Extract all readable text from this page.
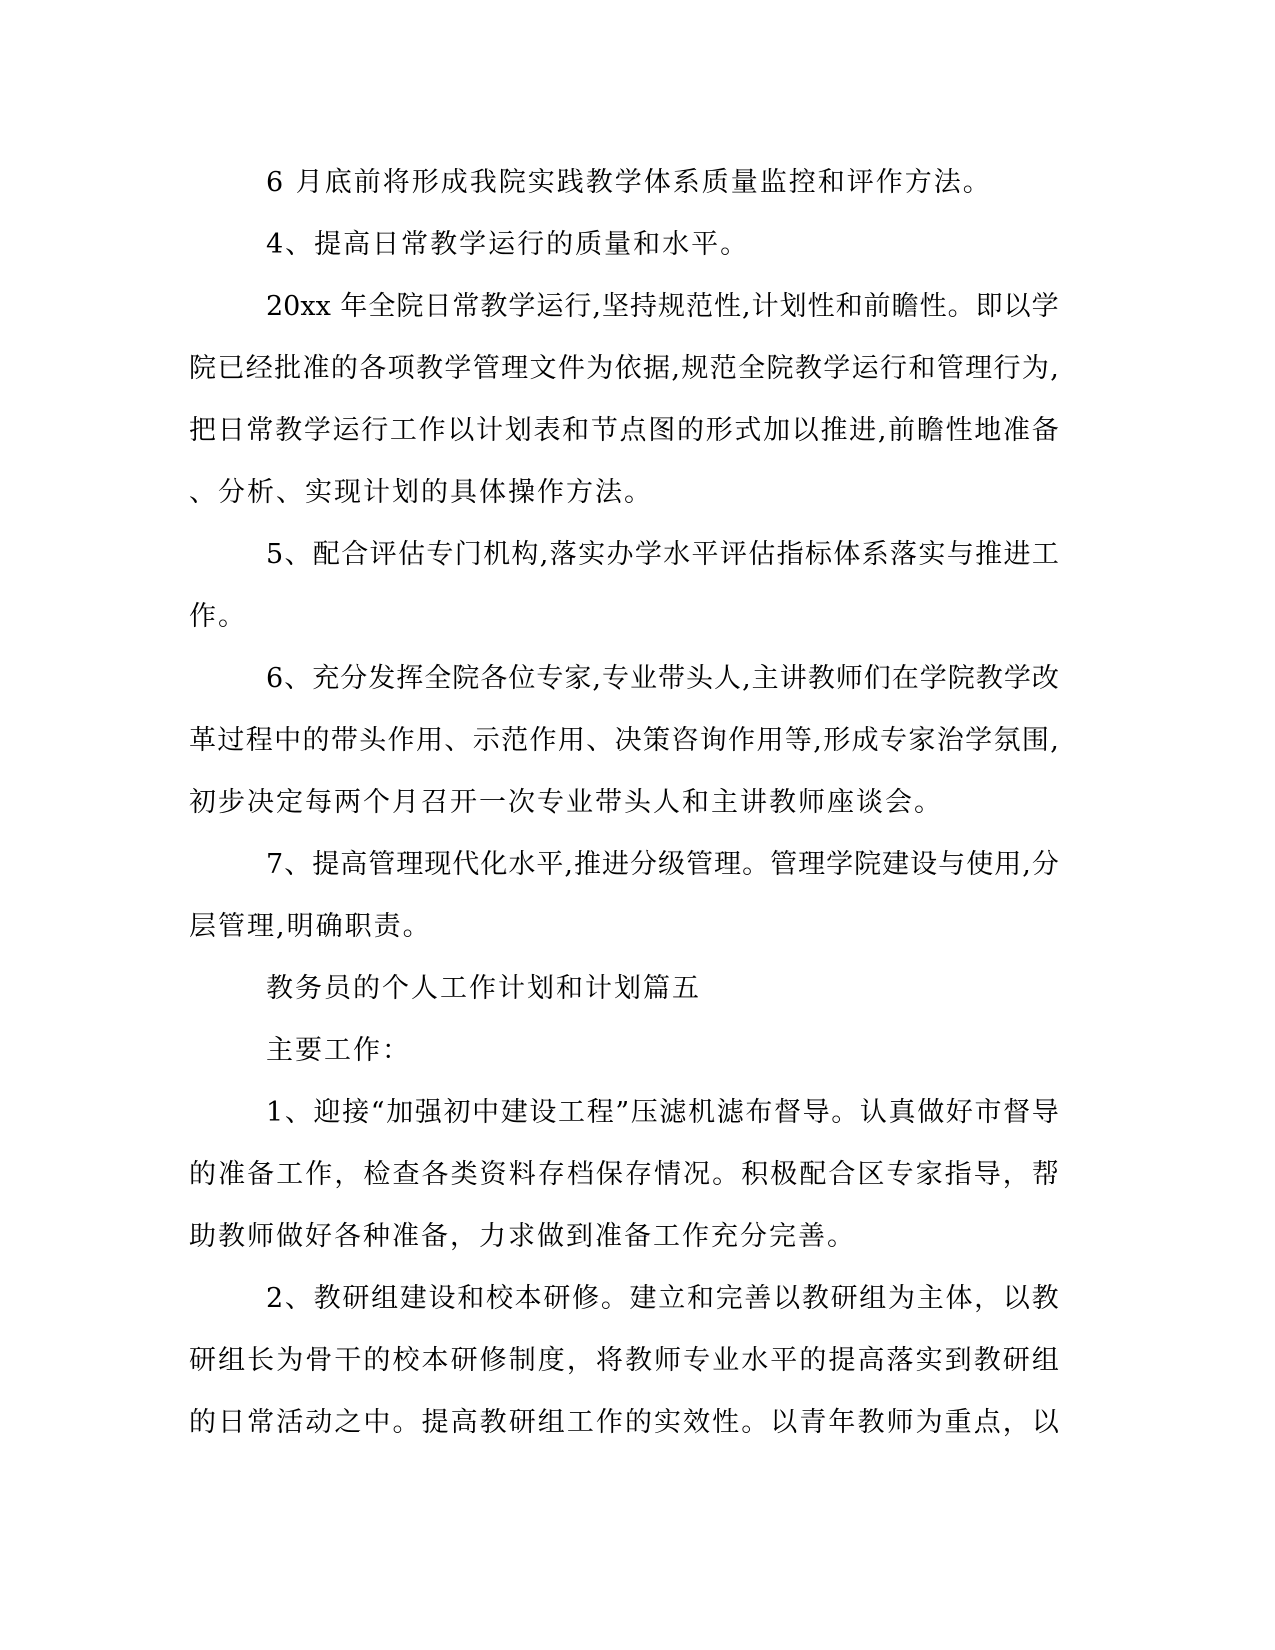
6 月底前将形成我院实践教学体系质量监控和评作方法。
4、提高日常教学运行的质量和水平。
20xx 年 全 院 日 常 教 学 运 行 , 坚 持 规 范 性 , 计 划 性 和 前 瞻 性 。 即 以 学
院 已 经 批 准 的 各 项 教 学 管 理 文 件 为 依 据 , 规 范 全 院 教 学 运 行 和 管 理 行 为 ,
把 日 常 教 学 运 行 工 作 以 计 划 表 和 节 点 图 的 形 式 加 以 推 进 , 前 瞻 性 地 准 备
、分析、实现计划的具体操作方法。
5 、 配 合 评 估 专 门 机 构 , 落 实 办 学 水 平 评 估 指 标 体 系 落 实 与 推 进 工
作。
6 、 充 分 发 挥 全 院 各 位 专 家 , 专 业 带 头 人 , 主 讲 教 师 们 在 学 院 教 学 改
革 过 程 中 的 带 头 作 用 、 示 范 作 用 、 决 策 咨 询 作 用 等 , 形 成 专 家 治 学 氛 围 ,
初步决定每两个月召开一次专业带头人和主讲教师座谈会。
7 、 提 高 管 理 现 代 化 水 平 , 推 进 分 级 管 理 。 管 理 学 院 建 设 与 使 用 , 分
层管理,明确职责。
教务员的个人工作计划和计划篇五
主要工作：
1 、 迎 接 “ 加 强 初 中 建 设 工 程 ” 压 滤 机 滤 布 督 导 。 认 真 做 好 市 督 导
的 准 备 工 作 ， 检 查 各 类 资 料 存 档 保 存 情 况 。 积 极 配 合 区 专 家 指 导 ， 帮
助教师做好各种准备，力求做到准备工作充分完善。
2 、 教 研 组 建 设 和 校 本 研 修 。 建 立 和 完 善 以 教 研 组 为 主 体 ， 以 教
研 组 长 为 骨 干 的 校 本 研 修 制 度 ， 将 教 师 专 业 水 平 的 提 高 落 实 到 教 研 组
的 日 常 活 动 之 中 。 提 高 教 研 组 工 作 的 实 效 性 。 以 青 年 教 师 为 重 点 ， 以
